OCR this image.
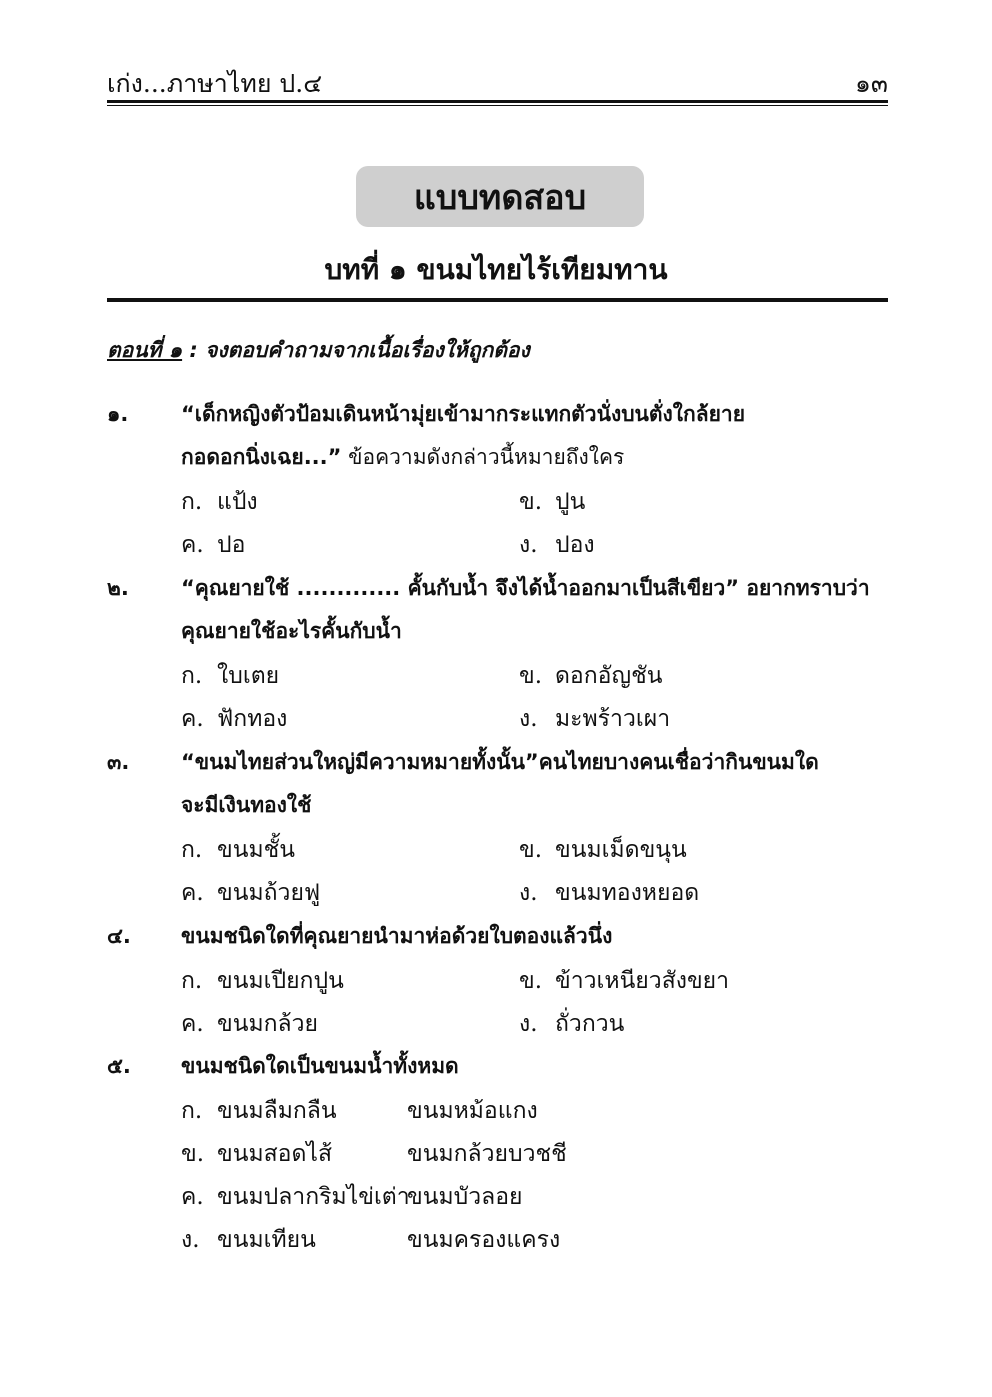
เก่ง...ภาษาไทย ป.๔	๑๓
แบบทดสอบ
บทที่ ๑ ขนมไทยไร้เทียมทาน
ตอนที่ ๑ : จงตอบคำถามจากเนื้อเรื่องให้ถูกต้อง
๑.	“เด็กหญิงตัวป้อมเดินหน้ามุ่ยเข้ามากระแทกตัวนั่งบนตั่งใกล้ยาย
กอดอกนิ่งเฉย...” ข้อความดังกล่าวนี้หมายถึงใคร
ก. แป้ง	ข. ปูน
ค. ปอ	ง. ปอง
๒. “คุณยายใช้ ............. คั้นกับน้ำ จึงได้น้ำออกมาเป็นสีเขียว” อยากทราบว่า
คุณยายใช้อะไรคั้นกับน้ำ
ก. ใบเตย	ข. ดอกอัญชัน
ค. ฟักทอง	ง. มะพร้าวเผา
๓. “ขนมไทยส่วนใหญ่มีความหมายทั้งนั้น”คนไทยบางคนเชื่อว่ากินขนมใด
จะมีเงินทองใช้
ก. ขนมชั้น	ข. ขนมเม็ดขนุน
ค. ขนมถ้วยฟู	ง. ขนมทองหยอด
๔. ขนมชนิดใดที่คุณยายนำมาห่อด้วยใบตองแล้วนึ่ง
ก. ขนมเปียกปูน	ข. ข้าวเหนียวสังขยา
ค. ขนมกล้วย	ง. ถั่วกวน
๕. ขนมชนิดใดเป็นขนมน้ำทั้งหมด
ก. ขนมลืมกลืน	ขนมหม้อแกง
ข. ขนมสอดไส้	ขนมกล้วยบวชชี
ค. ขนมปลากริมไข่เต่าขนมบัวลอย
ง. ขนมเทียน	ขนมครองแครง
